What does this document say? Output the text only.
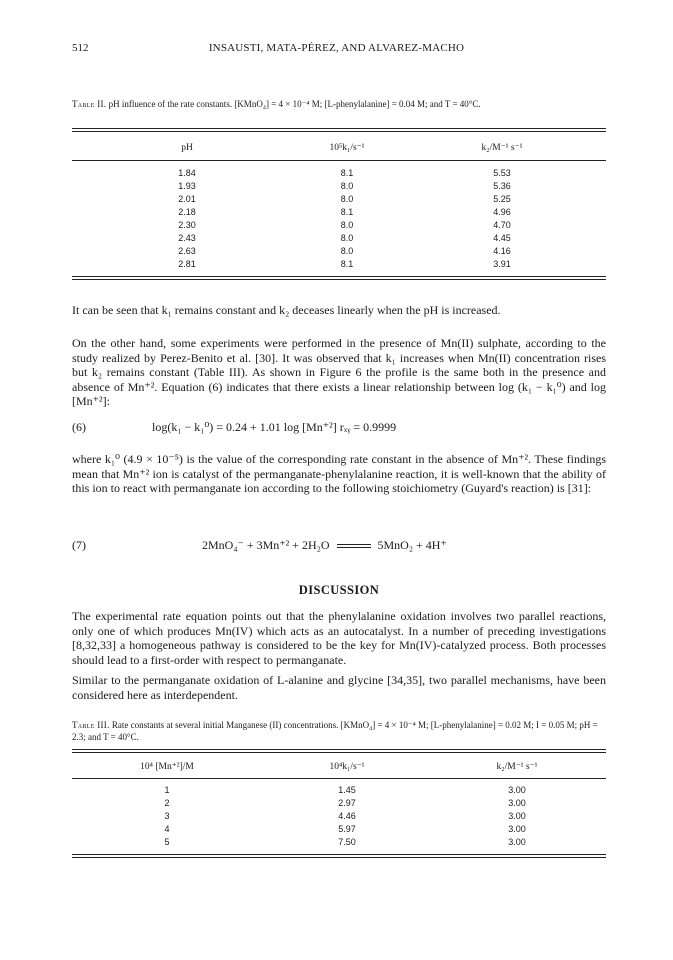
512	INSAUSTI, MATA-PÉREZ, AND ALVAREZ-MACHO
Table II. pH influence of the rate constants. [KMnO₄] = 4 × 10⁻⁴ M; [L-phenylalanine] = 0.04 M; and T = 40°C.
pH	10⁵k₁/s⁻¹	k₂/M⁻¹ s⁻¹
1.84	8.1	5.53
1.93	8.0	5.36
2.01	8.0	5.25
2.18	8.1	4.96
2.30	8.0	4.70
2.43	8.0	4.45
2.63	8.0	4.16
2.81	8.1	3.91
It can be seen that k₁ remains constant and k₂ deceases linearly when the pH is increased.
On the other hand, some experiments were performed in the presence of Mn(II) sulphate, according to the study realized by Perez-Benito et al. [30]. It was observed that k₁ increases when Mn(II) concentration rises but k₂ remains constant (Table III). As shown in Figure 6 the profile is the same both in the presence and absence of Mn⁺². Equation (6) indicates that there exists a linear relationship between log (k₁ − k₁⁰) and log [Mn⁺²]:
(6)	log(k₁ − k₁⁰) = 0.24 + 1.01 log [Mn⁺²] rₓᵧ = 0.9999
where k₁⁰ (4.9 × 10⁻⁵) is the value of the corresponding rate constant in the absence of Mn⁺². These findings mean that Mn⁺² ion is catalyst of the permanganate-phenylalanine reaction, it is well-known that the ability of this ion to react with permanganate ion according to the following stoichiometry (Guyard's reaction) is [31]:
(7)	2MnO₄⁻ + 3Mn⁺² + 2H₂O	5MnO₂ + 4H⁺
DISCUSSION
The experimental rate equation points out that the phenylalanine oxidation involves two parallel reactions, only one of which produces Mn(IV) which acts as an autocatalyst. In a number of preceding investigations [8,32,33] a homogeneous pathway is considered to be the key for Mn(IV)-catalyzed process. Both processes should lead to a first-order with respect to permanganate.
Similar to the permanganate oxidation of L-alanine and glycine [34,35], two parallel mechanisms, have been considered here as interdependent.
Table III. Rate constants at several initial Manganese (II) concentrations. [KMnO₄] = 4 × 10⁻⁴ M; [L-phenylalanine] = 0.02 M; I = 0.05 M; pH = 2.3; and T = 40°C.
10⁴ [Mn⁺²]/M	10⁴k₁/s⁻¹	k₂/M⁻¹ s⁻¹
1	1.45	3.00
2	2.97	3.00
3	4.46	3.00
4	5.97	3.00
5	7.50	3.00
